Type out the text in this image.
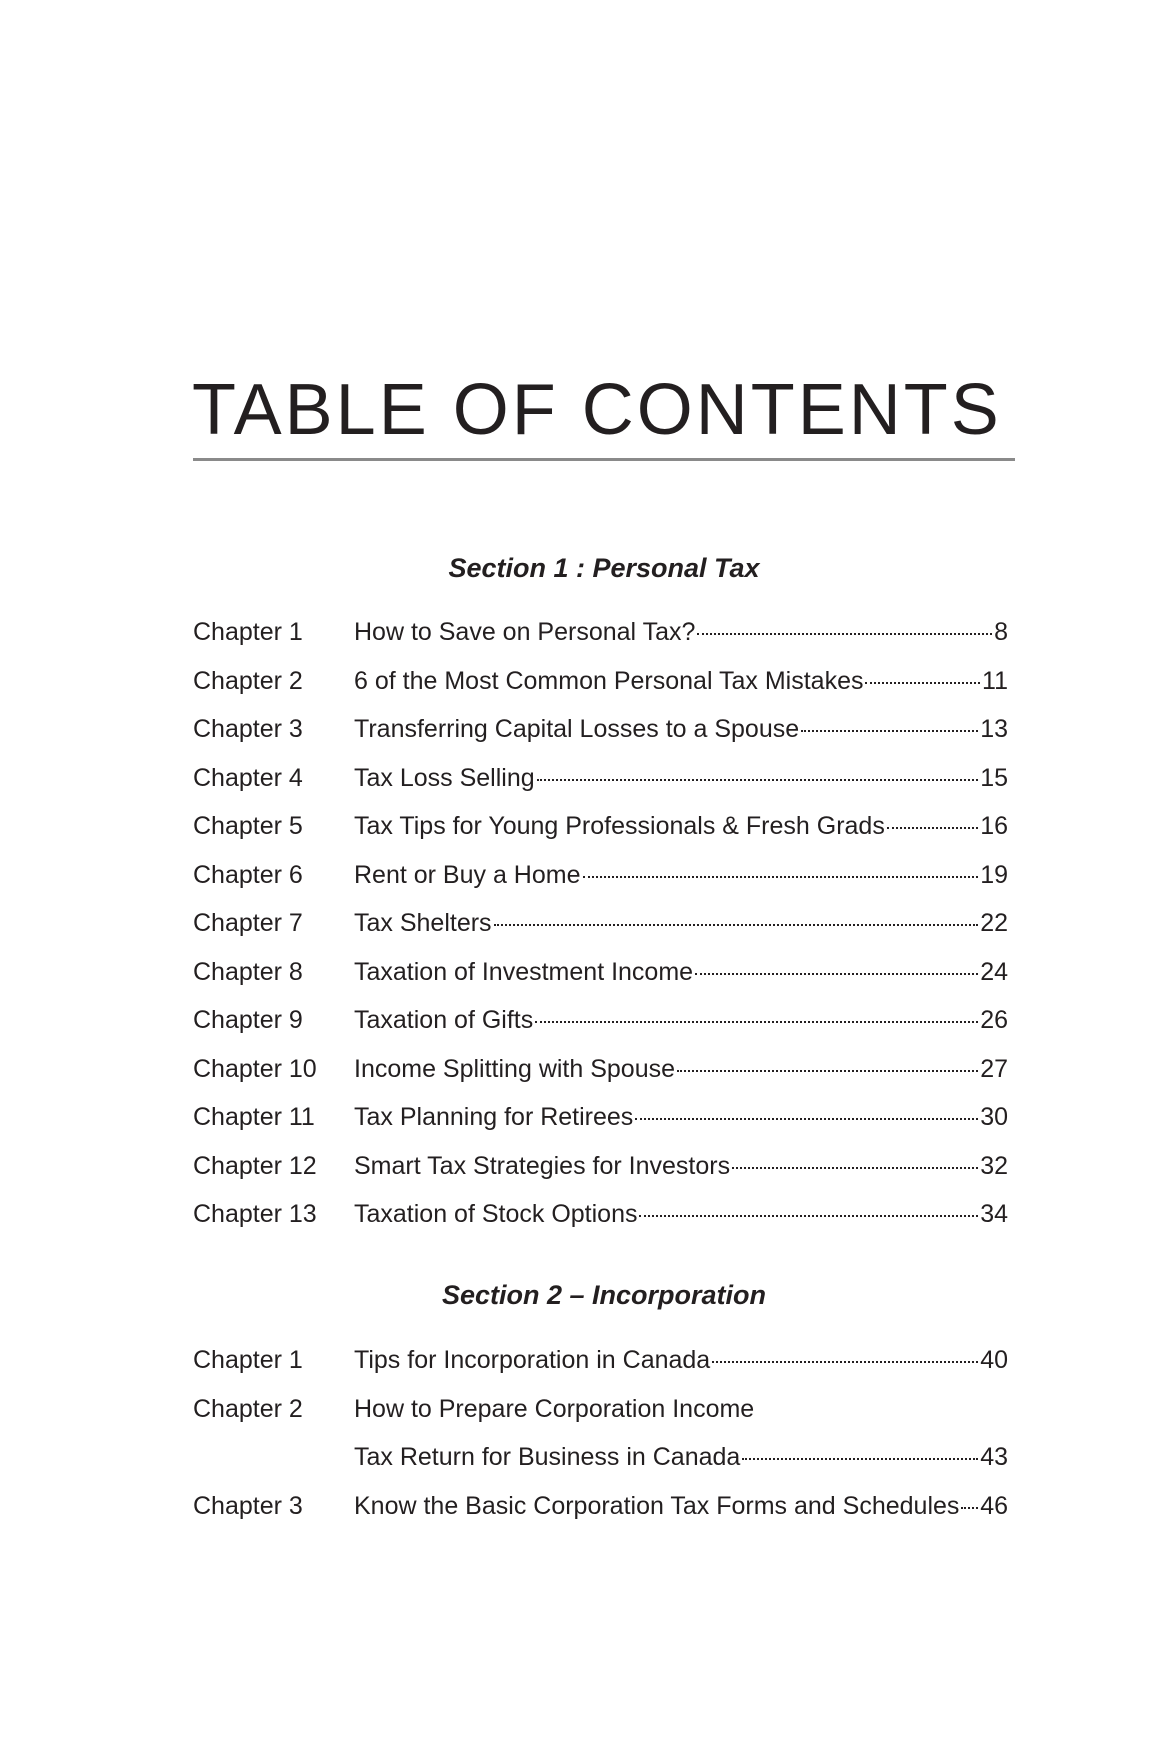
TABLE OF CONTENTS
Section 1 : Personal Tax
Chapter 1 How to Save on Personal Tax?	8
Chapter 2 6 of the Most Common Personal Tax Mistakes	11
Chapter 3 Transferring Capital Losses to a Spouse	13
Chapter 4 Tax Loss Selling	15
Chapter 5 Tax Tips for Young Professionals & Fresh Grads	16
Chapter 6 Rent or Buy a Home	19
Chapter 7 Tax Shelters	22
Chapter 8 Taxation of Investment Income	24
Chapter 9 Taxation of Gifts	26
Chapter 10 Income Splitting with Spouse	27
Chapter 11 Tax Planning for Retirees	30
Chapter 12 Smart Tax Strategies for Investors	32
Chapter 13 Taxation of Stock Options	34
Section 2 – Incorporation
Chapter 1 Tips for Incorporation in Canada	40
Chapter 2 How to Prepare Corporation Income
Tax Return for Business in Canada	43
Chapter 3 Know the Basic Corporation Tax Forms and Schedules 46
